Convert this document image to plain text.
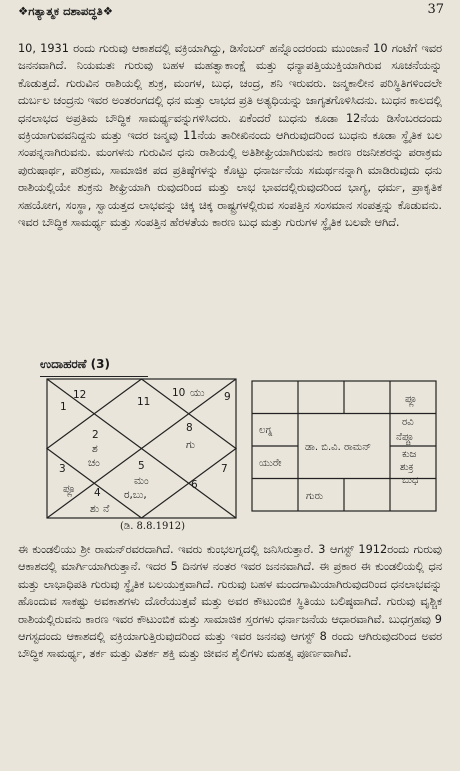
❖ಗತ್ಯಾತ್ಮಕ ದಶಾಪದ್ಧತಿ❖	37

10, 1931 ರಂದು ಗುರುವು ಆಕಾಶದಲ್ಲಿ ವಕ್ರಿಯಾಗಿದ್ದು, ಡಿಸೆಂಬರ್ ಹನ್ನೊಂದರಂದು ಮುಂಜಾನೆ 10 ಗಂಟೆಗೆ ಇವರ ಜನನವಾಗಿದೆ. ನಿಯಮತಃ ಗುರುವು ಬಹಳ ಮಹತ್ವಾಕಾಂಕ್ಷೆ ಮತ್ತು ಧನ್ಯಾಪತ್ತಿಯುಕ್ತಿಯಾಗಿರುವ ಸೂಚನೆಯನ್ನು ಕೊಡುತ್ತದೆ. ಗುರುವಿನ ರಾಶಿಯಲ್ಲಿ ಶುಕ್ರ, ಮಂಗಳ, ಬುಧ, ಚಂದ್ರ, ಶನಿ ಇರುವರು. ಜನ್ಮಕಾಲೀನ ಪರಿಸ್ಥಿತಿಗಳಿಂದಲೇ ದುರ್ಬಲ ಚಂದ್ರನು ಇವರ ಅಂತರಂಗದಲ್ಲಿ ಧನ ಮತ್ತು ಲಾಭದ ಪ್ರತಿ ಅತ್ಯಧಿಯನ್ನು ಜಾಗೃತಗೊಳಿಸಿದನು. ಬುಧನ ಕಾಲದಲ್ಲಿ ಧನಲಾಭದ ಅಪ್ರತಿಮ ಬೌದ್ಧಿಕ ಸಾಮರ್ಥ್ಯವನ್ನುಗಳಿಸಿದರು. ಏಕೆಂದರೆ ಬುಧನು ಕೂಡಾ 12ನೆಯ ಡಿಸೆಂಬರದಂದು ವಕ್ರಿಯಾಗುವವನಿದ್ದನು ಮತ್ತು ಇದರ ಜನ್ಮವು 11ನೆಯ ತಾರೀಖಿನಂದು ಆಗಿರುವುದರಿಂದ ಬುಧನು ಕೂಡಾ ಸ್ಥೈತಿಕ ಬಲ ಸಂಪನ್ನನಾಗಿರುವನು. ಮಂಗಳನು ಗುರುವಿನ ಧನು ರಾಶಿಯಲ್ಲಿ ಅತಿಶೀಘ್ರಿಯಾಗಿರುವನು ಕಾರಣ ರಜನೀಶರನ್ನು ಪರಾಕ್ರಮ ಪುರುಷಾರ್ಥ, ಪರಿಶ್ರಮ, ಸಾಮಾಜಿಕ ಪದ ಪ್ರತಿಷ್ಠೆಗಳನ್ನು ಕೊಟ್ಟು ಧನಾರ್ಜನೆಯ ಸಮರ್ಥನನ್ನಾಗಿ ಮಾಡಿರುವುದು ಧನು ರಾಶಿಯಲ್ಲಿಯೇ ಶುಕ್ರನು ಶೀಘ್ರಿಯಾಗಿ ರುವುದರಿಂದ ಮತ್ತು ಲಾಭ ಭಾವದಲ್ಲಿರುವುದರಿಂದ ಭಾಗ್ಯ, ಧರ್ಮ, ಪ್ರಾಕೃತಿಕ ಸಹಯೋಗ, ಸಂಸ್ಥಾ, ಸ್ವಾಯತ್ತದ ಲಾಭವನ್ನು ಚಿಕ್ಕ ಚಿಕ್ಕ ರಾಷ್ಟ್ರಗಳಲ್ಲಿರುವ ಸಂಪತ್ತಿನ ಸಂಸಮಾನ ಸಂಪತ್ತನ್ನು ಕೊಡುವನು. ಇವರ ಬೌದ್ಧಿಕ ಸಾಮರ್ಥ್ಯ ಮತ್ತು ಸಂಪತ್ತಿನ ಹೆರಳತೆಯ ಕಾರಣ ಬುಧ ಮತ್ತು ಗುರುಗಳ ಸ್ಥೈತಿಕ ಬಲವೇ ಆಗಿದೆ.

ಉದಾಹರಣೆ (3)
1
12
11
10 ಯು 9
8
ಗು
2
ಶ
ಚಂ
3	7
5
ಮಂ
ರ,ಬು,
6
ಪ್ಲೂ 4
ಶು ನೆ
ಪ್ಲೂ
ಲಗ್ನ
ರವಿ
ನೆಪ್ಚೂ
ಡಾ. ಬಿ.ವಿ. ರಾಮನ್
ಯುರೇ
ಕುಜ
ಶುಕ್ರ
ಬುಧ
ಗುರು
(ಡಿ. 8.8.1912)

ಈ ಕುಂಡಲಿಯು ಶ್ರೀ ರಾಮನ್‌ರವರದಾಗಿದೆ. ಇವರು ಕುಂಭಲಗ್ನದಲ್ಲಿ ಜನಿಸಿರುತ್ತಾರೆ. 3 ಆಗಸ್ಟ್ 1912ರಂದು ಗುರುವು ಆಕಾಶದಲ್ಲಿ ಮಾರ್ಗಿಯಾಗಿರುತ್ತಾನೆ. ಇದರ 5 ದಿನಗಳ ನಂತರ ಇವರ ಜನನವಾಗಿದೆ. ಈ ಪ್ರಕಾರ ಈ ಕುಂಡಲಿಯಲ್ಲಿ ಧನ ಮತ್ತು ಲಾಭಾಧಿಪತಿ ಗುರುವು ಸ್ಥೈತಿಕ ಬಲಯುಕ್ತವಾಗಿದೆ. ಗುರುವು ಬಹಳ ಮಂದಗಾಮಿಯಾಗಿರುವುದರಿಂದ ಧನಲಾಭವನ್ನು ಹೊಂದುವ ಸಾಕಷ್ಟು ಅವಕಾಶಗಳು ದೊರೆಯುತ್ತವೆ ಮತ್ತು ಅವರ ಕೌಟುಂಬಿಕ ಸ್ಥಿತಿಯು ಬಲಿಷ್ಠವಾಗಿದೆ. ಗುರುವು ವೃಶ್ಚಿಕ ರಾಶಿಯಲ್ಲಿರುವನು ಕಾರಣ ಇವರ ಕೌಟುಂಬಿಕ ಮತ್ತು ಸಾಮಾಜಿಕ ಸ್ತರಗಳು ಧರ್ನಾಜನೆಯ ಆಧಾರವಾಗಿವೆ. ಬುಧಗ್ರಹವು 9 ಆಗಸ್ಟದಂದು ಆಕಾಶದಲ್ಲಿ ವಕ್ರಿಯಾಗುತ್ತಿರುವುದರಿಂದ ಮತ್ತು ಇವರ ಜನನವು ಆಗಸ್ಟ್ 8 ರಂದು ಆಗಿರುವುದರಿಂದ ಅವರ ಬೌದ್ಧಿಕ ಸಾಮರ್ಥ್ಯ, ತರ್ಕ ಮತ್ತು ವಿತರ್ಕ ಶಕ್ತಿ ಮತ್ತು ಜೀವನ ಶೈಲಿಗಳು ಮಹತ್ವ ಪೂರ್ಣವಾಗಿವೆ.
